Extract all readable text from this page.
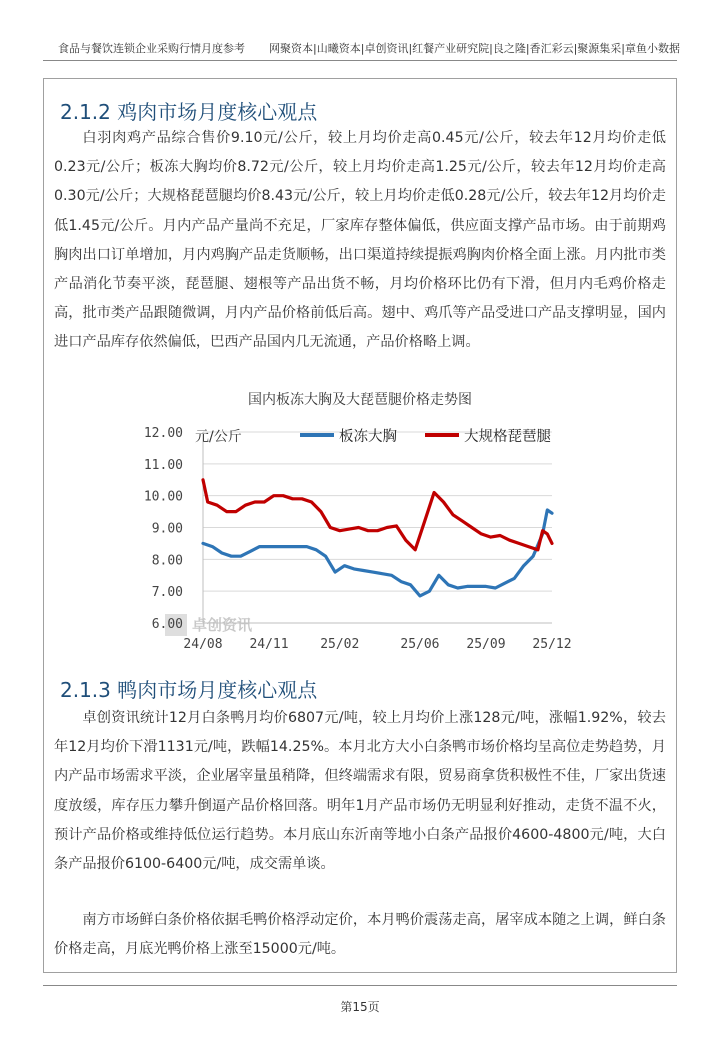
食品与餐饮连锁企业采购行情月度参考 网聚资本|山曦资本|卓创资讯|红餐产业研究院|良之隆|香汇彩云|聚源集采|章鱼小数据
2.1.2 鸡肉市场月度核心观点

白羽肉鸡产品综合售价9.10元/公斤，较上月均价走高0.45元/公斤，较去年12月均价走低0.23元/公斤；板冻大胸均价8.72元/公斤，较上月均价走高1.25元/公斤，较去年12月均价走高0.30元/公斤；大规格琵琶腿均价8.43元/公斤，较上月均价走低0.28元/公斤，较去年12月均价走低1.45元/公斤。月内产品产量尚不充足，厂家库存整体偏低，供应面支撑产品市场。由于前期鸡胸肉出口订单增加，月内鸡胸产品走货顺畅，出口渠道持续提振鸡胸肉价格全面上涨。月内批市类产品消化节奏平淡，琵琶腿、翅根等产品出货不畅，月均价格环比仍有下滑，但月内毛鸡价格走高，批市类产品跟随微调，月内产品价格前低后高。翅中、鸡爪等产品受进口产品支撑明显，国内进口产品库存依然偏低，巴西产品国内几无流通，产品价格略上调。

国内板冻大胸及大琵琶腿价格走势图
卓创资讯
12.00
11.00
10.00
9.00
8.00
7.00
6.00
24/08 24/11 25/02	25/06 25/09 25/12
元/公斤	板冻大胸	大规格琵琶腿
2.1.3 鸭肉市场月度核心观点

卓创资讯统计12月白条鸭月均价6807元/吨，较上月均价上涨128元/吨，涨幅1.92%，较去年12月均价下滑1131元/吨，跌幅14.25%。本月北方大小白条鸭市场价格均呈高位走势趋势，月内产品市场需求平淡，企业屠宰量虽稍降，但终端需求有限，贸易商拿货积极性不佳，厂家出货速度放缓，库存压力攀升倒逼产品价格回落。明年1月产品市场仍无明显利好推动，走货不温不火，预计产品价格或维持低位运行趋势。本月底山东沂南等地小白条产品报价4600-4800元/吨，大白条产品报价6100-6400元/吨，成交需单谈。

南方市场鲜白条价格依据毛鸭价格浮动定价，本月鸭价震荡走高，屠宰成本随之上调，鲜白条价格走高，月底光鸭价格上涨至15000元/吨。

第15页
